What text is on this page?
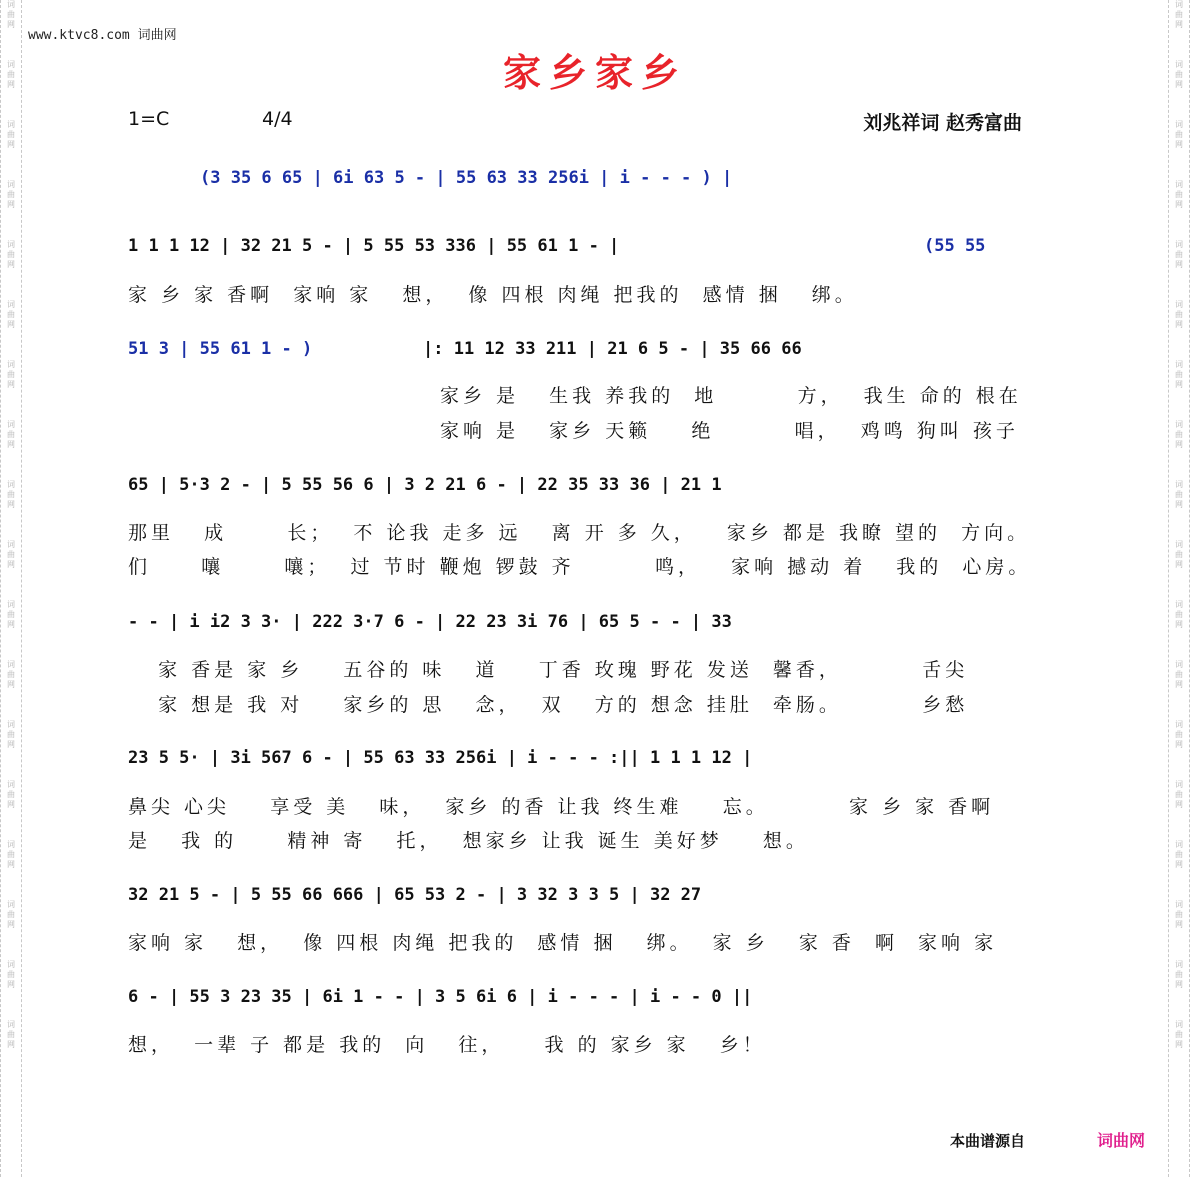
词
曲
网
词
曲
网
词
曲
网
词
曲
网
词
曲
网
词
曲
网
词
曲
网
词
曲
网
词
曲
网
词
曲
网
词
曲
网
词
曲
网
词
曲
网
词
曲
网
词
曲
网
词
曲
网
词
曲
网
词
曲
网
词
曲
网
词
曲
网
词
曲
网
词
曲
网
词
曲
网
词
曲
网
词
曲
网
词
曲
网
词
曲
网
词
曲
网
词
曲
网
词
曲
网
词
曲
网
词
曲
网
词
曲
网
词
曲
网
词
曲
网
词
曲
网
www.ktvc8.com 词曲网
家乡家乡
1=C	4/4	刘兆祥词 赵秀富曲
(3 35 6 65 | 6i 63 5 - | 55 63 33 256i | i - - - ) |
1 1 1 12 | 32 21 5 - | 5 55 53 336 | 55 61 1 - |	(55 55
家 乡 家 香啊  家响 家   想，  像 四根 肉绳 把我的  感情 捆   绑。
51 3 | 55 61 1 - )	|: 11 12 33 211 | 21 6 5 - | 35 66 66
家乡 是   生我 养我的  地        方，  我生 命的 根在
家响 是   家乡 天籁    绝        唱，  鸡鸣 狗叫 孩子
65 | 5·3 2 - | 5 55 56 6 | 3 2 21 6 - | 22 35 33 36 | 21 1
那里   成      长；  不 论我 走多 远   离 开 多 久，   家乡 都是 我瞭 望的  方向。
们     嚷      嚷；  过 节时 鞭炮 锣鼓 齐        鸣，   家响 撼动 着   我的  心房。
- - | i i2 3 3· | 222 3·7 6 - | 22 23 3i 76 | 65 5 - - | 33
家 香是 家 乡    五谷的 味   道    丁香 玫瑰 野花 发送  馨香，        舌尖
家 想是 我 对    家乡的 思   念，  双   方的 想念 挂肚  牵肠。        乡愁
23 5 5· | 3i 567 6 - | 55 63 33 256i | i - - - :|| 1 1 1 12 |
鼻尖 心尖    享受 美   味，  家乡 的香 让我 终生难    忘。        家 乡 家 香啊
是   我 的     精神 寄   托，  想家乡 让我 诞生 美好梦    想。
32 21 5 - | 5 55 66 666 | 65 53 2 - | 3 32 3 3 5 | 32 27
家响 家   想，  像 四根 肉绳 把我的  感情 捆   绑。  家 乡   家 香  啊  家响 家
6 - | 55 3 23 35 | 6i 1 - - | 3 5 6i 6 | i - - - | i - - 0 ||
想，  一辈 子 都是 我的  向   往，    我 的 家乡 家   乡！
本曲谱源自	词曲网
